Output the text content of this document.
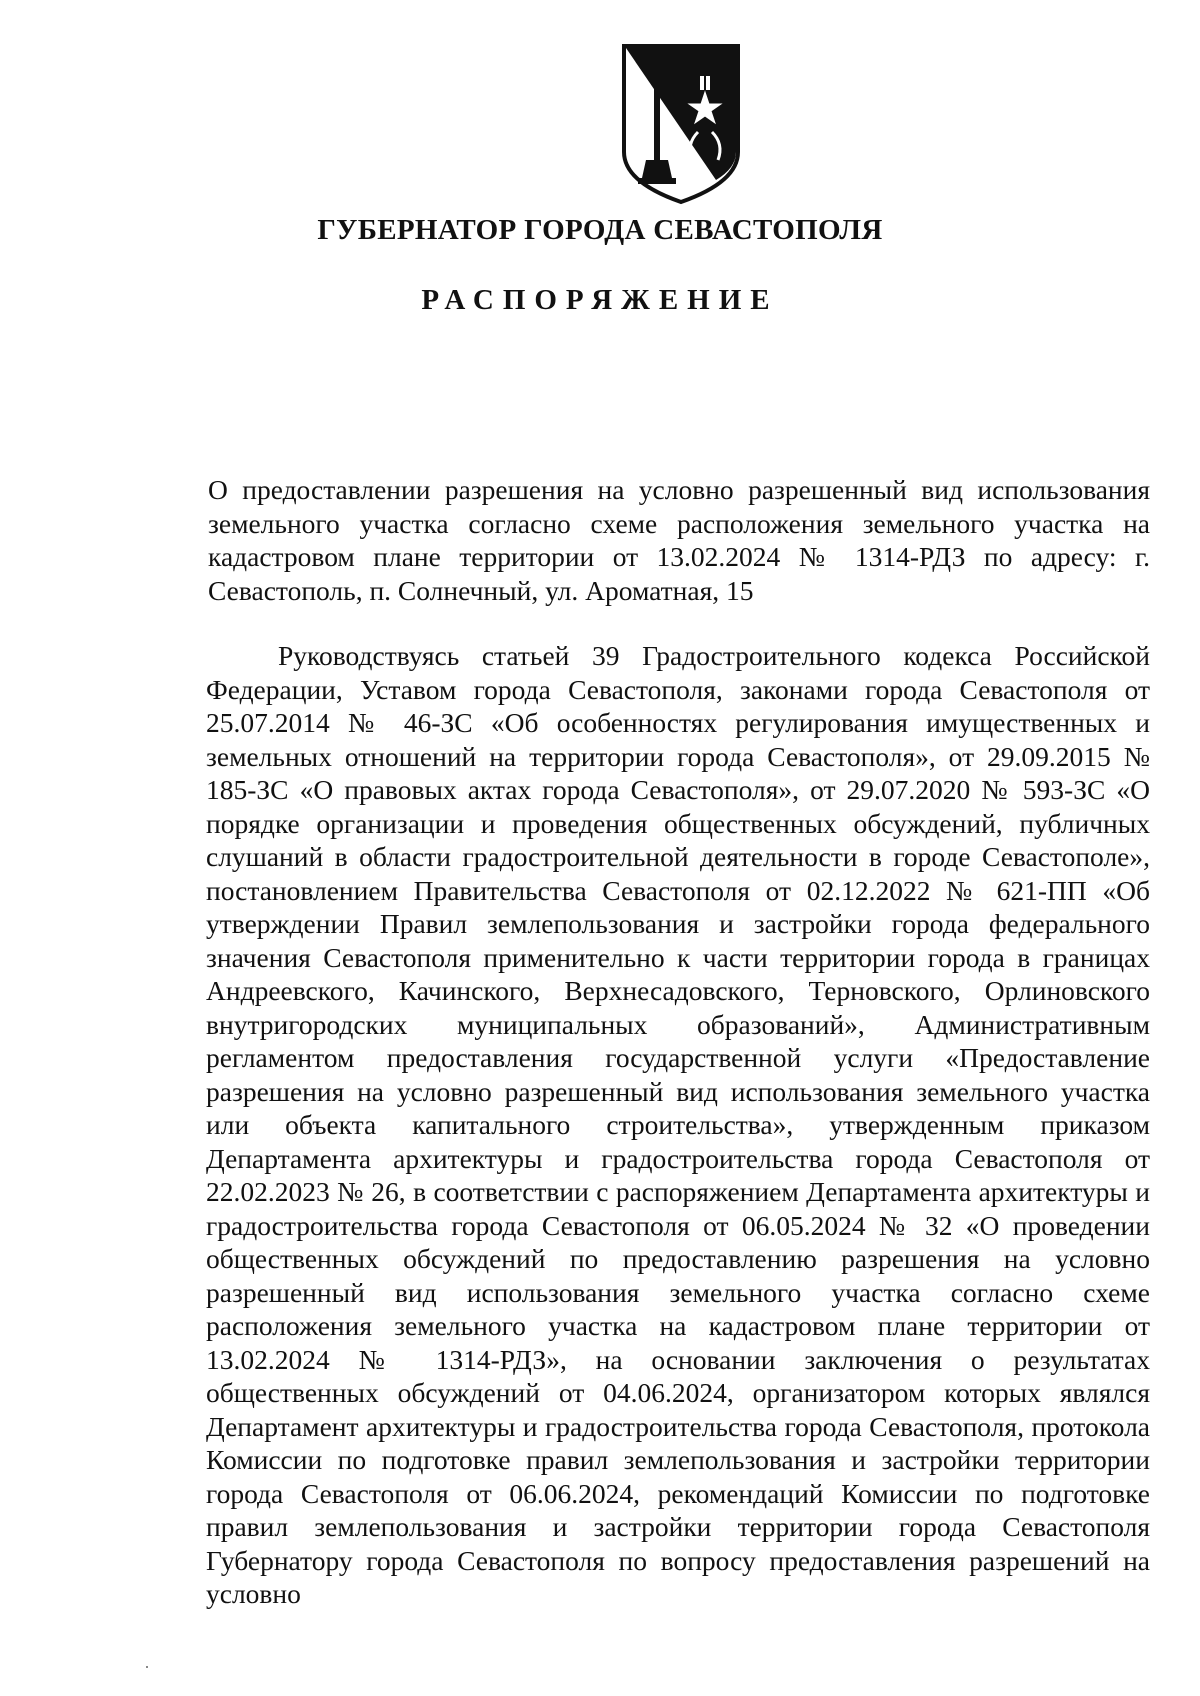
ГУБЕРНАТОР ГОРОДА СЕВАСТОПОЛЯ
РАСПОРЯЖЕНИЕ
О предоставлении разрешения на условно разрешенный вид использования земельного участка согласно схеме расположения земельного участка на кадастровом плане территории от 13.02.2024 № 1314-РДЗ по адресу: г. Севастополь, п. Солнечный, ул. Ароматная, 15
Руководствуясь статьей 39 Градостроительного кодекса Российской Федерации, Уставом города Севастополя, законами города Севастополя от 25.07.2014 № 46-ЗС «Об особенностях регулирования имущественных и земельных отношений на территории города Севастополя», от 29.09.2015 № 185-ЗС «О правовых актах города Севастополя», от 29.07.2020 № 593-ЗС «О порядке организации и проведения общественных обсуждений, публичных слушаний в области градостроительной деятельности в городе Севастополе», постановлением Правительства Севастополя от 02.12.2022 № 621-ПП «Об утверждении Правил землепользования и застройки города федерального значения Севастополя применительно к части территории города в границах Андреевского, Качинского, Верхнесадовского, Терновского, Орлиновского внутригородских муниципальных образований», Административным регламентом предоставления государственной услуги «Предоставление разрешения на условно разрешенный вид использования земельного участка или объекта капитального строительства», утвержденным приказом Департамента архитектуры и градостроительства города Севастополя от 22.02.2023 № 26, в соответствии с распоряжением Департамента архитектуры и градостроительства города Севастополя от 06.05.2024 № 32 «О проведении общественных обсуждений по предоставлению разрешения на условно разрешенный вид использования земельного участка согласно схеме расположения земельного участка на кадастровом плане территории от 13.02.2024 № 1314-РДЗ», на основании заключения о результатах общественных обсуждений от 04.06.2024, организатором которых являлся Департамент архитектуры и градостроительства города Севастополя, протокола Комиссии по подготовке правил землепользования и застройки территории города Севастополя от 06.06.2024, рекомендаций Комиссии по подготовке правил землепользования и застройки территории города Севастополя Губернатору города Севастополя по вопросу предоставления разрешений на условно
